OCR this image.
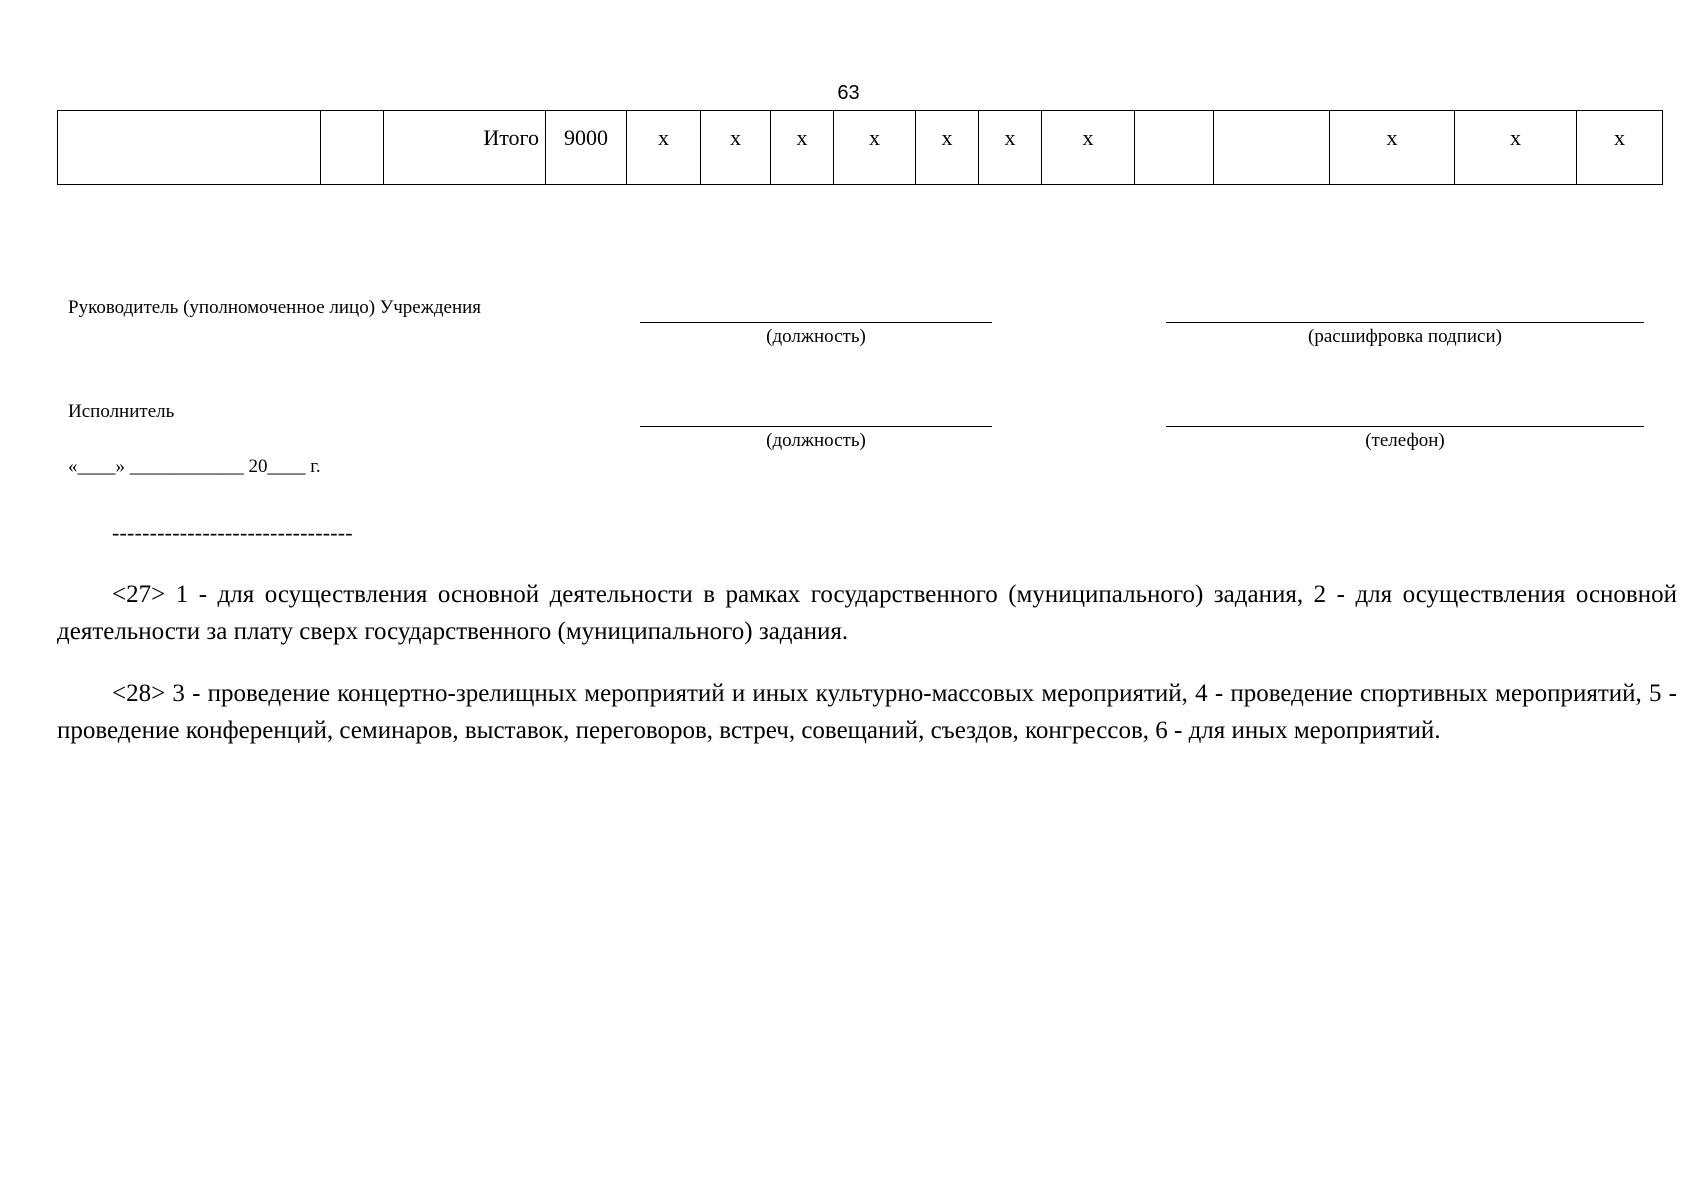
63
		Итого	9000	х	х	х	х	х	х	х			х	х	х
Руководитель (уполномоченное лицо) Учреждения
(должность)	(расшифровка подписи)
Исполнитель
(должность)	(телефон)
«____» ____________ 20____ г.
--------------------------------

<27> 1 - для осуществления основной деятельности в рамках государственного (муниципального) задания, 2 - для осуществления основной деятельности за плату сверх государственного (муниципального) задания.

<28> 3 - проведение концертно-зрелищных мероприятий и иных культурно-массовых мероприятий, 4 - проведение спортивных мероприятий, 5 - проведение конференций, семинаров, выставок, переговоров, встреч, совещаний, съездов, конгрессов, 6 - для иных мероприятий.
